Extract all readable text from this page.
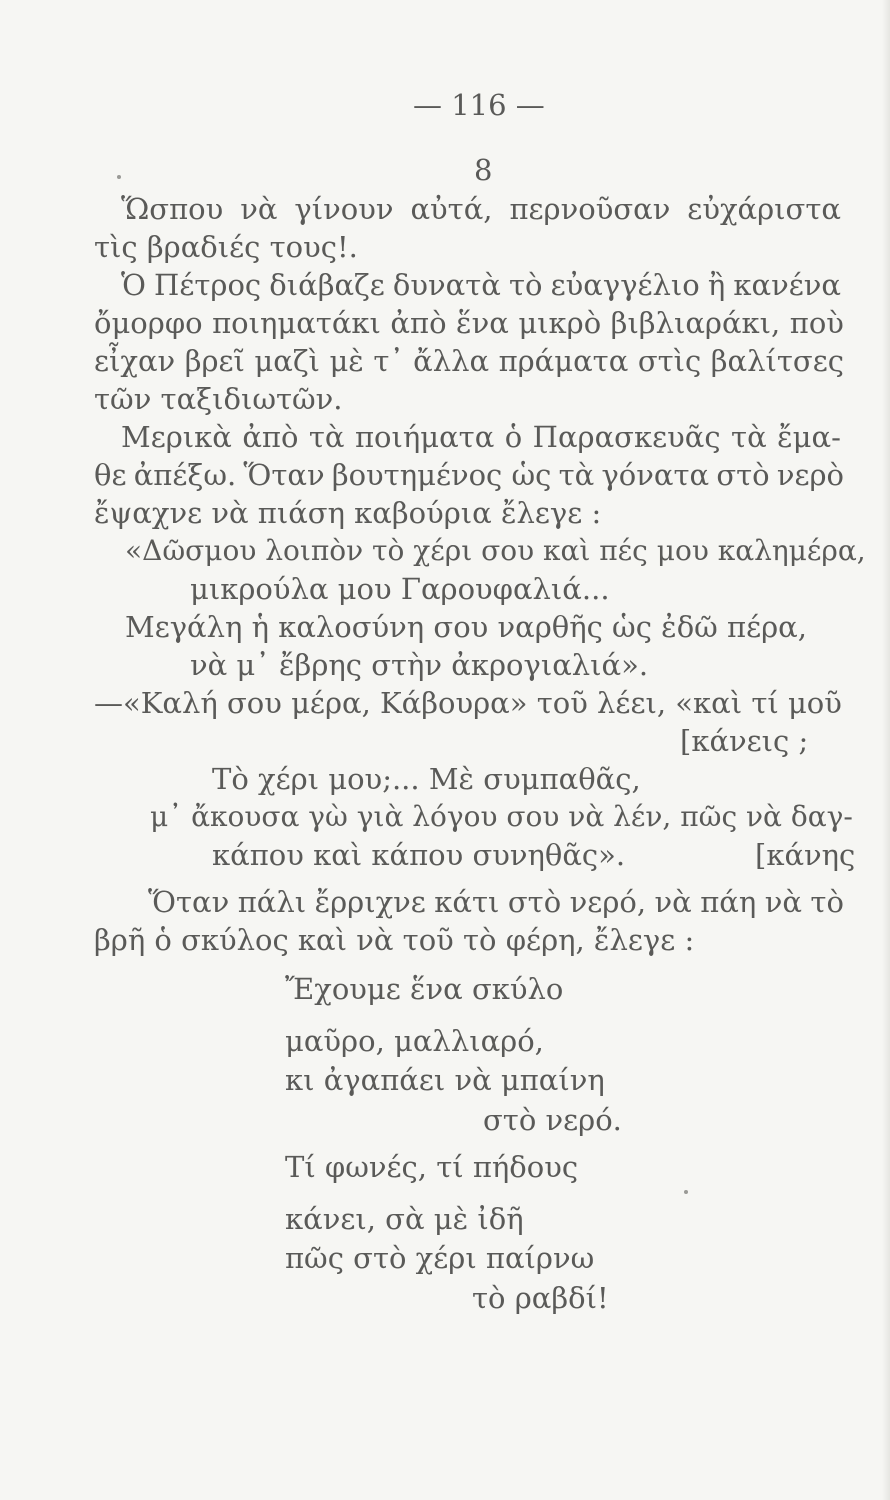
— 116 —
8
Ὥσπου νὰ γίνουν αὐτά, περνοῦσαν εὐχάριστα
τὶς βραδιές τους!.
Ὁ Πέτρος διάβαζε δυνατὰ τὸ εὐαγγέλιο ἢ κανένα
ὄμορφο ποιηματάκι ἀπὸ ἕνα μικρὸ βιβλιαράκι, ποὺ
εἶχαν βρεῖ μαζὶ μὲ τ᾽ ἄλλα πράματα στὶς βαλίτσες
τῶν ταξιδιωτῶν.
Μερικὰ ἀπὸ τὰ ποιήματα ὁ Παρασκευᾶς τὰ ἔμα-
θε ἀπέξω. Ὅταν βουτημένος ὡς τὰ γόνατα στὸ νερὸ
ἔψαχνε νὰ πιάση καβούρια ἔλεγε :
«Δῶσμου λοιπὸν τὸ χέρι σου καὶ πές μου καλημέρα,
μικρούλα μου Γαρουφαλιά...
Μεγάλη ἡ καλοσύνη σου ναρθῆς ὡς ἐδῶ πέρα,
νὰ μ᾽ ἔβρης στὴν ἀκρογιαλιά».
—«Καλή σου μέρα, Κάβουρα» τοῦ λέει, «καὶ τί μοῦ
[κάνεις ;
Τὸ χέρι μου;... Μὲ συμπαθᾶς,
μ᾽ ἄκουσα γὼ γιὰ λόγου σου νὰ λέν, πῶς νὰ δαγ-
κάπου καὶ κάπου συνηθᾶς».	[κάνης
Ὅταν πάλι ἔρριχνε κάτι στὸ νερό, νὰ πάη νὰ τὸ
βρῆ ὁ σκύλος καὶ νὰ τοῦ τὸ φέρη, ἔλεγε :
Ἔχουμε ἕνα σκύλο
μαῦρο, μαλλιαρό,
κι ἀγαπάει νὰ μπαίνη
στὸ νερό.
Τί φωνές, τί πήδους
κάνει, σὰ μὲ ἰδῆ
πῶς στὸ χέρι παίρνω
τὸ ραβδί!
